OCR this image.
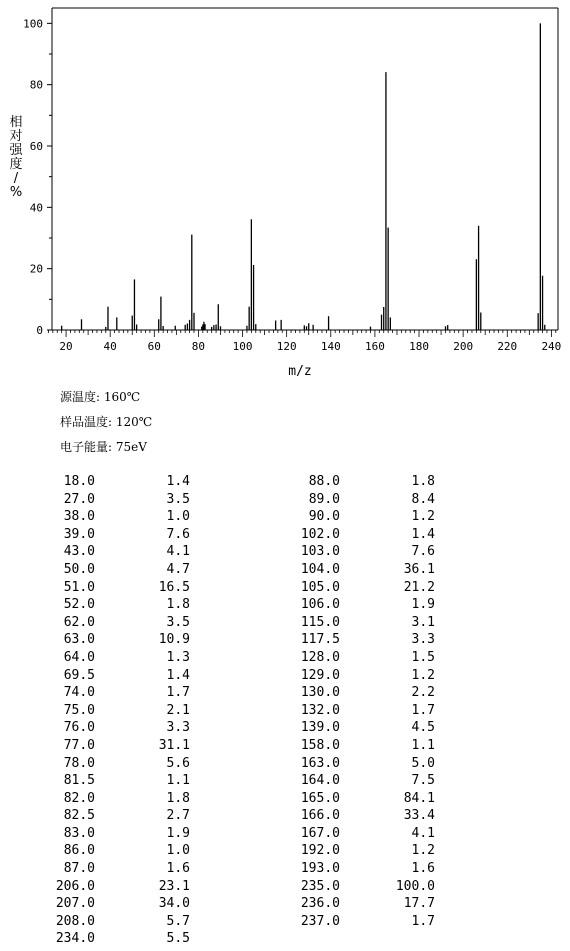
0
20
40
60
80
100
20	40	60	80	100 120 140 160 180 200 220 240
相对强度/ %
m/z
源温度: 160℃
样品温度: 120℃
电子能量: 75eV
18.0	1.4
27.0	3.5
38.0	1.0
39.0	7.6
43.0	4.1
50.0	4.7
51.0	16.5
52.0	1.8
62.0	3.5
63.0	10.9
64.0	1.3
69.5	1.4
74.0	1.7
75.0	2.1
76.0	3.3
77.0	31.1
78.0	5.6
81.5	1.1
82.0	1.8
82.5	2.7
83.0	1.9
86.0	1.0
87.0	1.6
206.0	23.1
207.0	34.0
208.0	5.7
234.0	5.5
88.0	1.8
89.0	8.4
90.0	1.2
102.0	1.4
103.0	7.6
104.0	36.1
105.0	21.2
106.0	1.9
115.0	3.1
117.5	3.3
128.0	1.5
129.0	1.2
130.0	2.2
132.0	1.7
139.0	4.5
158.0	1.1
163.0	5.0
164.0	7.5
165.0	84.1
166.0	33.4
167.0	4.1
192.0	1.2
193.0	1.6
235.0	100.0
236.0	17.7
237.0	1.7
